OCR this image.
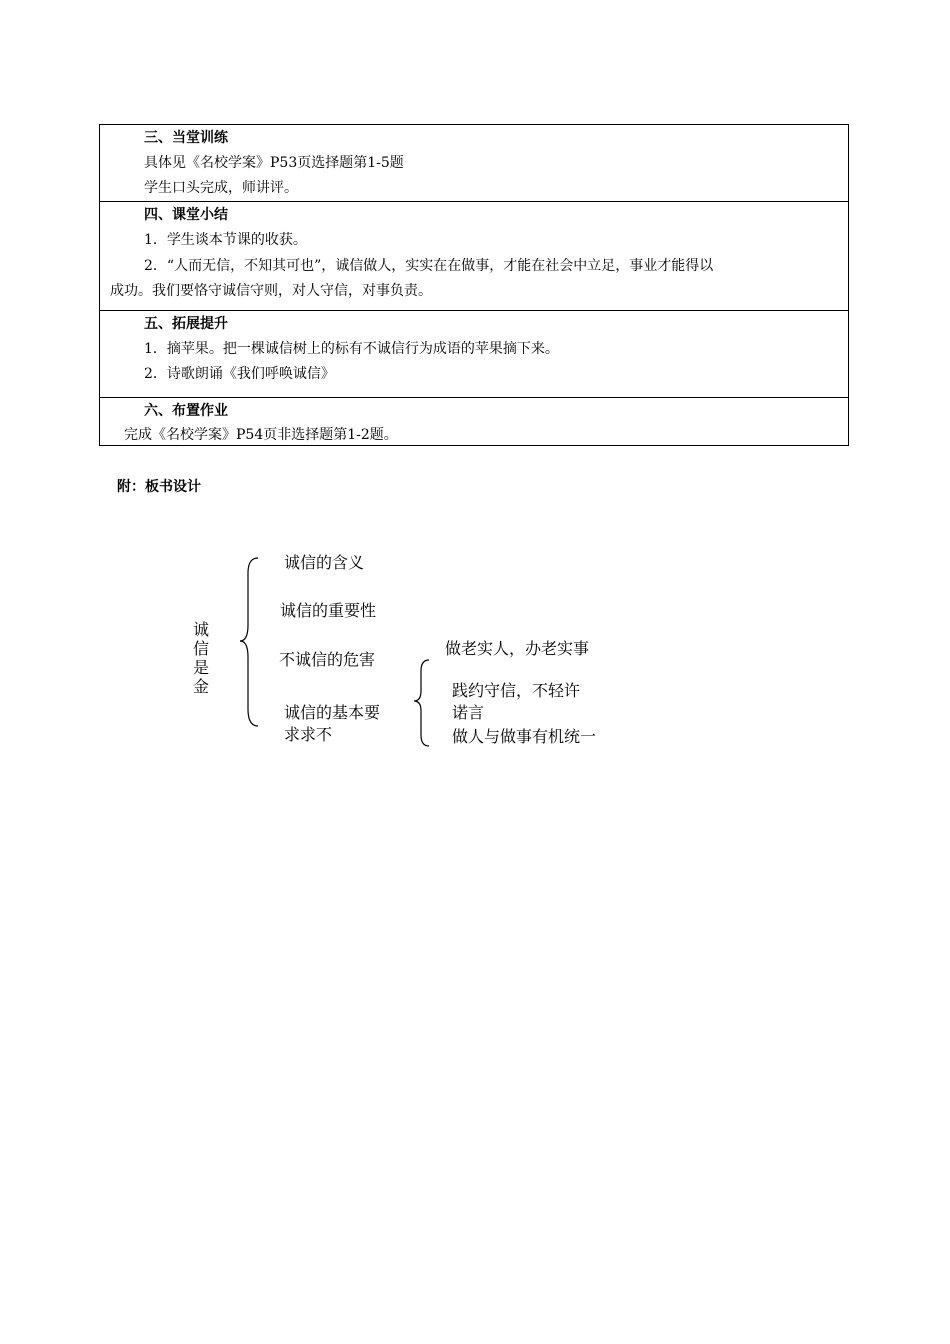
三、当堂训练
具体见《名校学案》P53页选择题第1-5题
学生口头完成，师讲评。
四、课堂小结
1．学生谈本节课的收获。
2．“人而无信，不知其可也”，诚信做人，实实在在做事，才能在社会中立足，事业才能得以
成功。我们要恪守诚信守则，对人守信，对事负责。
五、拓展提升
1．摘苹果。把一棵诚信树上的标有不诚信行为成语的苹果摘下来。
2．诗歌朗诵《我们呼唤诚信》
六、布置作业
完成《名校学案》P54页非选择题第1-2题。
附：板书设计
诚
信
是
金
诚信的含义
诚信的重要性
不诚信的危害
诚信的基本要
求求不
做老实人，办老实事
践约守信，不轻许
诺言
做人与做事有机统一
